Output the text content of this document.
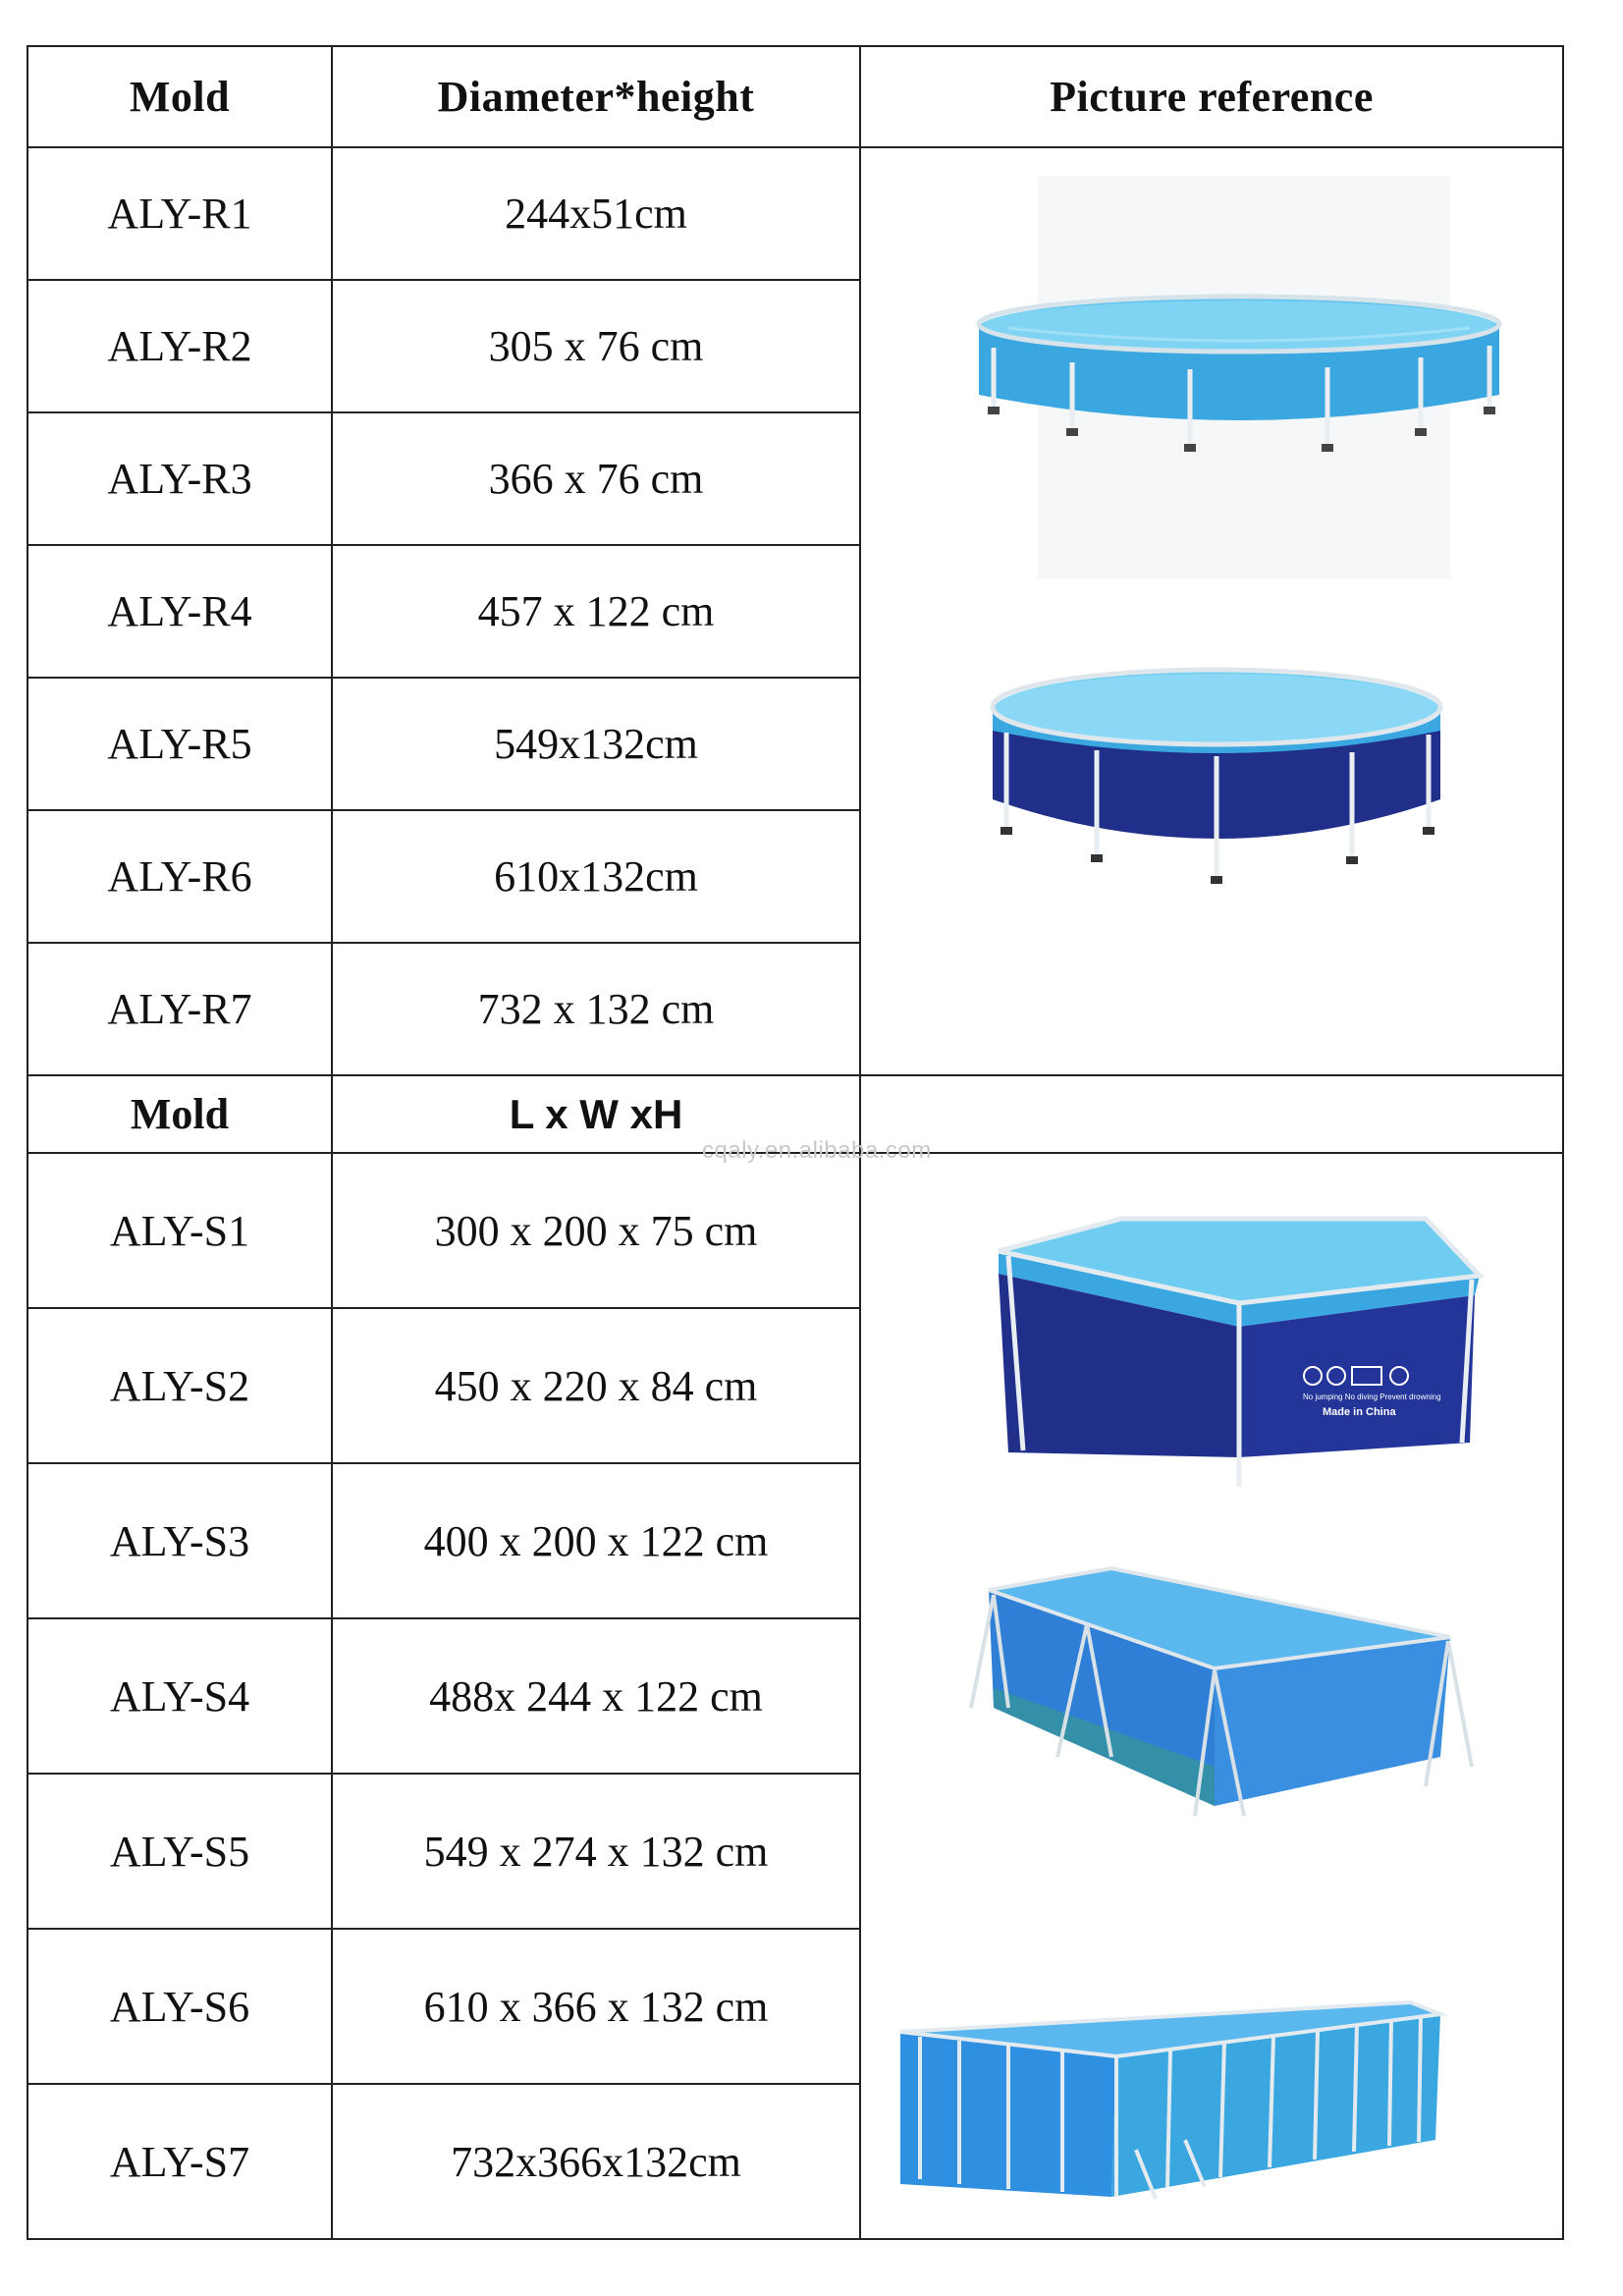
Mold	Diameter*height	Picture reference
ALY-R1	244x51cm	

ALY-R2	305 x 76 cm	
ALY-R3	366 x 76 cm	
ALY-R4	457 x 122 cm	
ALY-R5	549x132cm	
ALY-R6	610x132cm	
ALY-R7	732 x 132 cm	
Mold	L x W xH	
ALY-S1	300 x 200 x 75 cm	No jumping No diving Prevent drowning
Made in China

ALY-S2	450 x 220 x 84 cm	
ALY-S3	400 x 200 x 122 cm	
ALY-S4	488x 244 x 122 cm	
ALY-S5	549 x 274 x 132 cm	
ALY-S6	610 x 366 x 132 cm	
ALY-S7	732x366x132cm	
cqaly.en.alibaba.com
